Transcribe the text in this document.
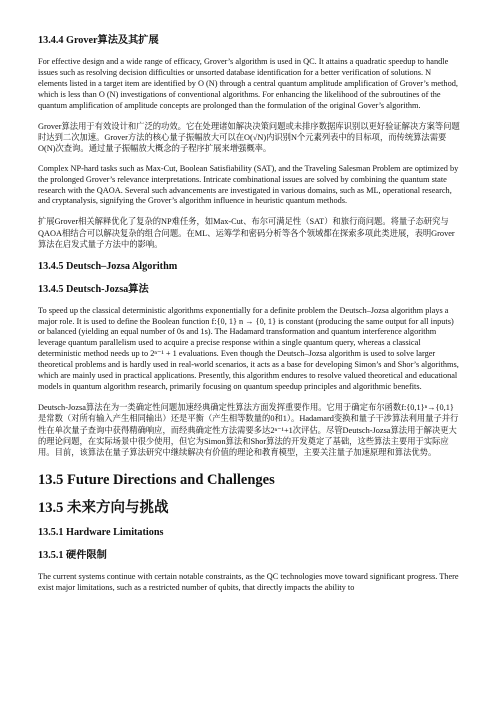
13.4.4 Grover算法及其扩展

For effective design and a wide range of efficacy, Grover’s algorithm is used in QC. It attains a quadratic speedup to handle issues such as resolving decision difficulties or unsorted database identification for a better verification of solutions. N elements listed in a target item are identified by O (N) through a central quantum amplitude amplification of Grover’s method, which is less than O (N) investigations of conventional algorithms. For enhancing the likelihood of the subroutines of the quantum amplification of amplitude concepts are prolonged than the formulation of the original Gover’s algorithm.

Grover算法用于有效设计和广泛的功效。它在处理诸如解决决策问题或未排序数据库识别以更好验证解决方案等问题时达到二次加速。Grover方法的核心量子振幅放大可以在O(√N)内识别N个元素列表中的目标项，而传统算法需要O(N)次查询。通过量子振幅放大概念的子程序扩展来增强概率。

Complex NP-hard tasks such as Max-Cut, Boolean Satisfiability (SAT), and the Traveling Salesman Problem are optimized by the prolonged Grover’s relevance interpretations. Intricate combinational issues are solved by combining the quantum state research with the QAOA. Several such advancements are investigated in various domains, such as ML, operational research, and cryptanalysis, signifying the Grover’s algorithm influence in heuristic quantum methods.

扩展Grover相关解释优化了复杂的NP难任务，如Max-Cut、布尔可满足性（SAT）和旅行商问题。将量子态研究与QAOA相结合可以解决复杂的组合问题。在ML、运筹学和密码分析等各个领域都在探索多项此类进展，表明Grover算法在启发式量子方法中的影响。

13.4.5 Deutsch–Jozsa Algorithm
13.4.5 Deutsch-Jozsa算法

To speed up the classical deterministic algorithms exponentially for a definite problem the Deutsch–Jozsa algorithm plays a major role. It is used to define the Boolean function f:{0, 1} n → {0, 1} is constant (producing the same output for all inputs) or balanced (yielding an equal number of 0s and 1s). The Hadamard transformation and quantum interference algorithm leverage quantum parallelism used to acquire a precise response within a single quantum query, whereas a classical deterministic method needs up to 2ⁿ⁻¹ + 1 evaluations. Even though the Deutsch–Jozsa algorithm is used to solve larger theoretical problems and is hardly used in real-world scenarios, it acts as a base for developing Simon’s and Shor’s algorithms, which are mainly used in practical applications. Presently, this algorithm endures to resolve valued theoretical and educational models in quantum algorithm research, primarily focusing on quantum speedup principles and algorithmic benefits.

Deutsch-Jozsa算法在为一类确定性问题加速经典确定性算法方面发挥重要作用。它用于确定布尔函数f:{0,1}ⁿ→{0,1}是常数（对所有输入产生相同输出）还是平衡（产生相等数量的0和1）。Hadamard变换和量子干涉算法利用量子并行性在单次量子查询中获得精确响应，而经典确定性方法需要多达2ⁿ⁻¹+1次评估。尽管Deutsch-Jozsa算法用于解决更大的理论问题，在实际场景中很少使用，但它为Simon算法和Shor算法的开发奠定了基础，这些算法主要用于实际应用。目前，该算法在量子算法研究中继续解决有价值的理论和教育模型，主要关注量子加速原理和算法优势。

13.5 Future Directions and Challenges
13.5 未来方向与挑战
13.5.1 Hardware Limitations
13.5.1 硬件限制

The current systems continue with certain notable constraints, as the QC technologies move toward significant progress. There exist major limitations, such as a restricted number of qubits, that directly impacts the ability to
